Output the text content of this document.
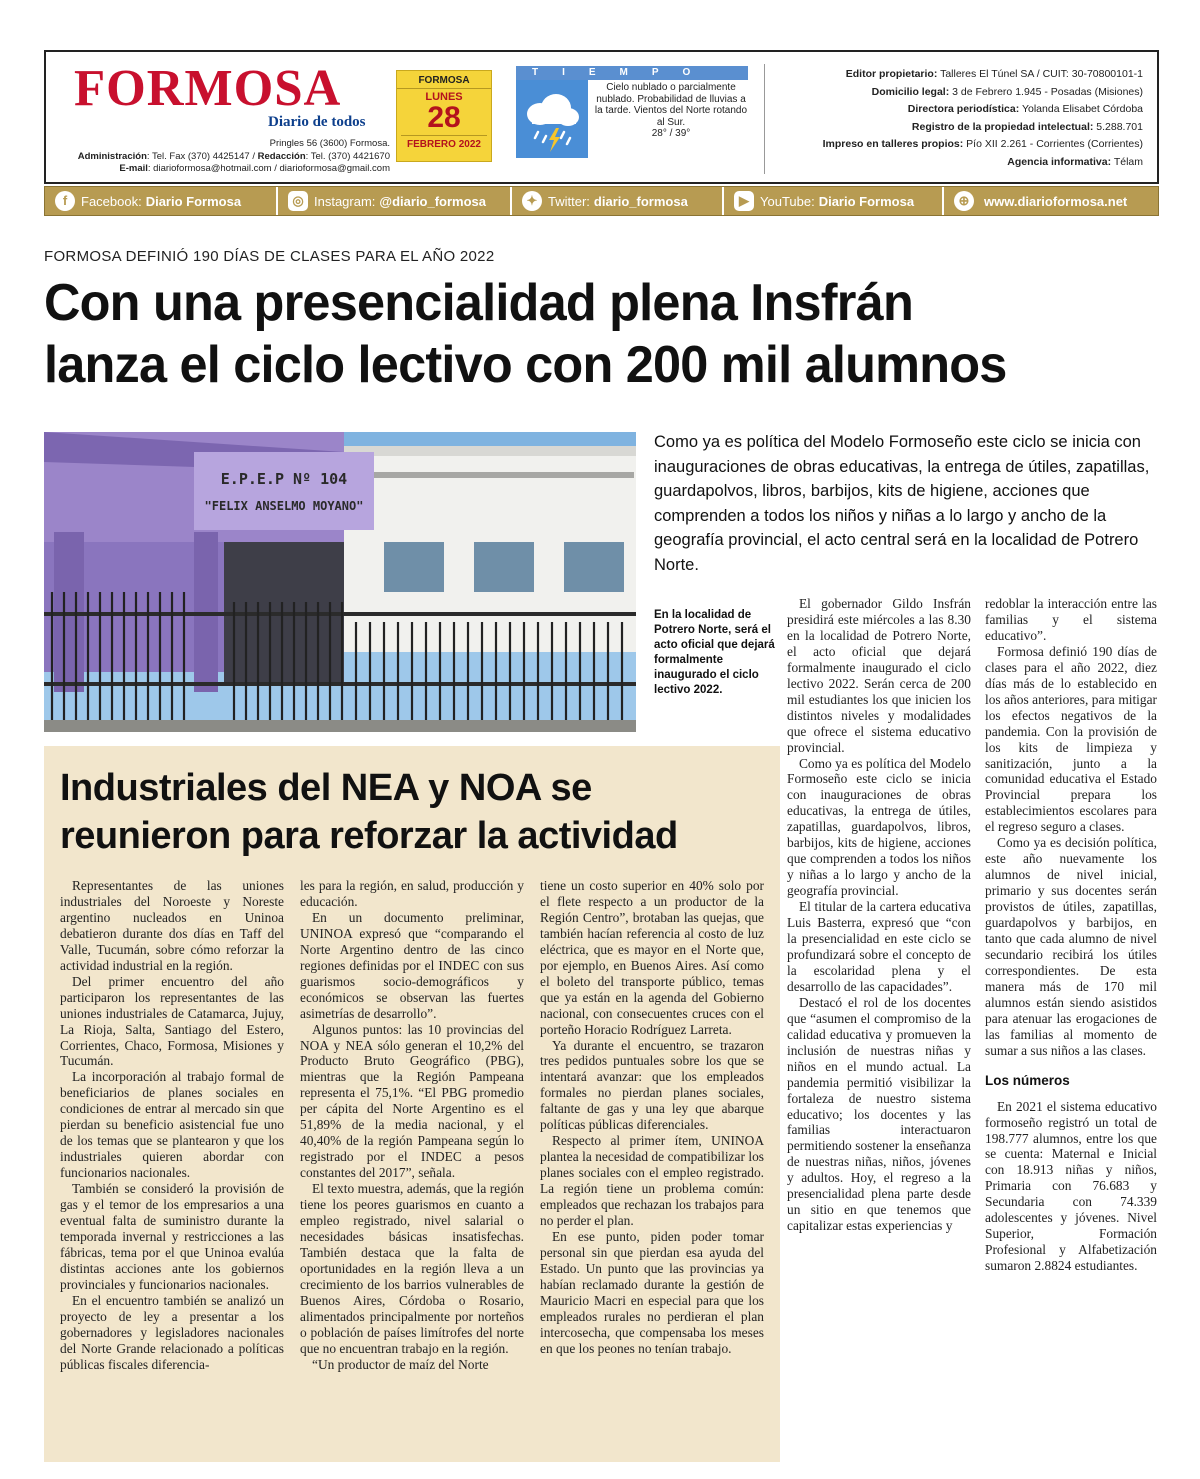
FORMOSA
Diario de todos
Pringles 56 (3600) Formosa.
Administración: Tel. Fax (370) 4425147 / Redacción: Tel. (370) 4421670
E-mail: diarioformosa@hotmail.com / diarioformosa@gmail.com
FORMOSA
LUNES
28
FEBRERO 2022
TIEMPO
Cielo nublado o parcialmente nublado. Probabilidad de lluvias a la tarde. Vientos del Norte rotando al Sur.
28° / 39°
Editor propietario: Talleres El Túnel SA / CUIT: 30-70800101-1
Domicilio legal: 3 de Febrero 1.945 - Posadas (Misiones)
Directora periodística: Yolanda Elisabet Córdoba
Registro de la propiedad intelectual: 5.288.701
Impreso en talleres propios: Pío XII 2.261 - Corrientes (Corrientes)
Agencia informativa: Télam
f	Facebook: Diario Formosa	◎ Instagram: @diario_formosa	✦ Twitter: diario_formosa	▶ YouTube: Diario Formosa	⊕	www.diarioformosa.net
FORMOSA DEFINIÓ 190 DÍAS DE CLASES PARA EL AÑO 2022
Con una presencialidad plena Insfrán
lanza el ciclo lectivo con 200 mil alumnos
E.P.E.P Nº 104
"FELIX ANSELMO MOYANO"
Como ya es política del Modelo Formoseño este ciclo se inicia con inauguraciones de obras educativas, la entrega de útiles, zapatillas, guardapolvos, libros, barbijos, kits de higiene, acciones que comprenden a todos los niños y niñas a lo largo y ancho de la geografía provincial, el acto central será en la localidad de Potrero Norte.
En la localidad de Potrero Norte, será el acto oficial que dejará formalmente inaugurado el ciclo lectivo 2022.

El gobernador Gildo Insfrán presidirá este miércoles a las 8.30 en la localidad de Potrero Norte, el acto oficial que dejará formalmente inaugurado el ciclo lectivo 2022. Serán cerca de 200 mil estudiantes los que inicien los distintos niveles y modalidades que ofrece el sistema educativo provincial.

Como ya es política del Modelo Formoseño este ciclo se inicia con inauguraciones de obras educativas, la entrega de útiles, zapatillas, guardapolvos, libros, barbijos, kits de higiene, acciones que comprenden a todos los niños y niñas a lo largo y ancho de la geografía provincial.

El titular de la cartera educativa Luis Basterra, expresó que “con la presencialidad en este ciclo se profundizará sobre el concepto de la escolaridad plena y el desarrollo de las capacidades”.

Destacó el rol de los docentes que “asumen el compromiso de la calidad educativa y promueven la inclusión de nuestras niñas y niños en el mundo actual. La pandemia permitió visibilizar la fortaleza de nuestro sistema educativo; los docentes y las familias interactuaron permitiendo sostener la enseñanza de nuestras niñas, niños, jóvenes y adultos. Hoy, el regreso a la presencialidad plena parte desde un sitio en que tenemos que capitalizar estas experiencias y

redoblar la interacción entre las familias y el sistema educativo”.

Formosa definió 190 días de clases para el año 2022, diez días más de lo establecido en los años anteriores, para mitigar los efectos negativos de la pandemia. Con la provisión de los kits de limpieza y sanitización, junto a la comunidad educativa el Estado Provincial prepara los establecimientos escolares para el regreso seguro a clases.

Como ya es decisión política, este año nuevamente los alumnos de nivel inicial, primario y sus docentes serán provistos de útiles, zapatillas, guardapolvos y barbijos, en tanto que cada alumno de nivel secundario recibirá los útiles correspondientes. De esta manera más de 170 mil alumnos están siendo asistidos para atenuar las erogaciones de las familias al momento de sumar a sus niños a las clases.

Los números

En 2021 el sistema educativo formoseño registró un total de 198.777 alumnos, entre los que se cuenta: Maternal e Inicial con 18.913 niñas y niños, Primaria con 76.683 y Secundaria con 74.339 adolescentes y jóvenes. Nivel Superior, Formación Profesional y Alfabetización sumaron 2.8824 estudiantes.

Industriales del NEA y NOA se
reunieron para reforzar la actividad

Representantes de las uniones industriales del Noroeste y Noreste argentino nucleados en Uninoa debatieron durante dos días en Taff del Valle, Tucumán, sobre cómo reforzar la actividad industrial en la región.

Del primer encuentro del año participaron los representantes de las uniones industriales de Catamarca, Jujuy, La Rioja, Salta, Santiago del Estero, Corrientes, Chaco, Formosa, Misiones y Tucumán.

La incorporación al trabajo formal de beneficiarios de planes sociales en condiciones de entrar al mercado sin que pierdan su beneficio asistencial fue uno de los temas que se plantearon y que los industriales quieren abordar con funcionarios nacionales.

También se consideró la provisión de gas y el temor de los empresarios a una eventual falta de suministro durante la temporada invernal y restricciones a las fábricas, tema por el que Uninoa evalúa distintas acciones ante los gobiernos provinciales y funcionarios nacionales.

En el encuentro también se analizó un proyecto de ley a presentar a los gobernadores y legisladores nacionales del Norte Grande relacionado a políticas públicas fiscales diferencia-

les para la región, en salud, producción y educación.

En un documento preliminar, UNINOA expresó que “comparando el Norte Argentino dentro de las cinco regiones definidas por el INDEC con sus guarismos socio-demográficos y económicos se observan las fuertes asimetrías de desarrollo”.

Algunos puntos: las 10 provincias del NOA y NEA sólo generan el 10,2% del Producto Bruto Geográfico (PBG), mientras que la Región Pampeana representa el 75,1%. “El PBG promedio per cápita del Norte Argentino es el 51,89% de la media nacional, y el 40,40% de la región Pampeana según lo registrado por el INDEC a pesos constantes del 2017”, señala.

El texto muestra, además, que la región tiene los peores guarismos en cuanto a empleo registrado, nivel salarial o necesidades básicas insatisfechas. También destaca que la falta de oportunidades en la región lleva a un crecimiento de los barrios vulnerables de Buenos Aires, Córdoba o Rosario, alimentados principalmente por norteños o población de países limítrofes del norte que no encuentran trabajo en la región.

“Un productor de maíz del Norte

tiene un costo superior en 40% solo por el flete respecto a un productor de la Región Centro”, brotaban las quejas, que también hacían referencia al costo de luz eléctrica, que es mayor en el Norte que, por ejemplo, en Buenos Aires. Así como el boleto del transporte público, temas que ya están en la agenda del Gobierno nacional, con consecuentes cruces con el porteño Horacio Rodríguez Larreta.

Ya durante el encuentro, se trazaron tres pedidos puntuales sobre los que se intentará avanzar: que los empleados formales no pierdan planes sociales, faltante de gas y una ley que abarque políticas públicas diferenciales.

Respecto al primer ítem, UNINOA plantea la necesidad de compatibilizar los planes sociales con el empleo registrado. La región tiene un problema común: empleados que rechazan los trabajos para no perder el plan.

En ese punto, piden poder tomar personal sin que pierdan esa ayuda del Estado. Un punto que las provincias ya habían reclamado durante la gestión de Mauricio Macri en especial para que los empleados rurales no perdieran el plan intercosecha, que compensaba los meses en que los peones no tenían trabajo.
